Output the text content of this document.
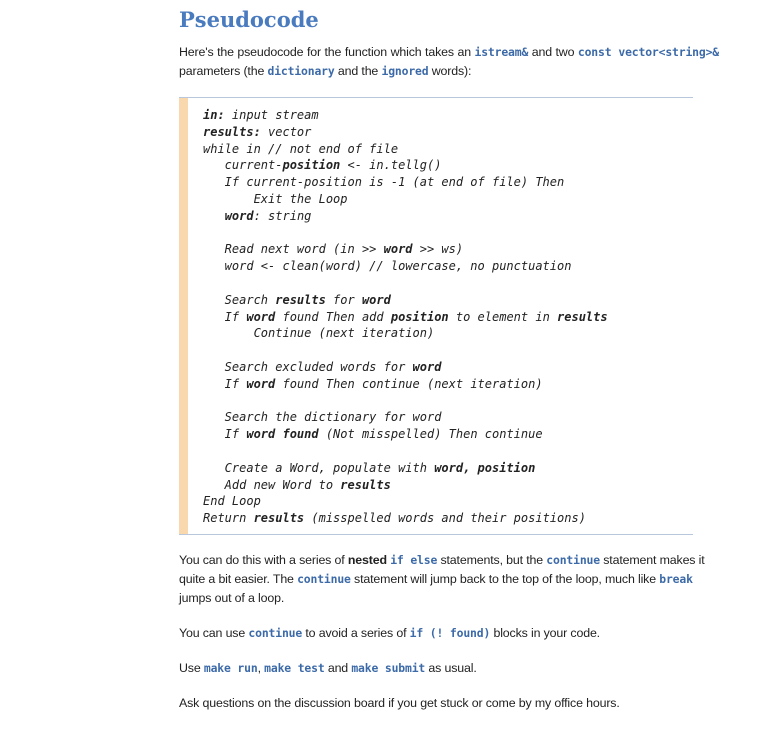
Pseudocode

Here's the pseudocode for the function which takes an istream& and two const vector<string>& parameters (the dictionary and the ignored words):

in: input stream
results: vector
while in // not end of file
current-position <- in.tellg()
If current-position is -1 (at end of file) Then
Exit the Loop
word: string

Read next word (in >> word >> ws)
word <- clean(word) // lowercase, no punctuation

Search results for word
If word found Then add position to element in results
Continue (next iteration)

Search excluded words for word
If word found Then continue (next iteration)

Search the dictionary for word
If word found (Not misspelled) Then continue

Create a Word, populate with word, position
Add new Word to results
End Loop
Return results (misspelled words and their positions)

You can do this with a series of nested if else statements, but the continue statement makes it quite a bit easier. The continue statement will jump back to the top of the loop, much like break jumps out of a loop.

You can use continue to avoid a series of if (! found) blocks in your code.

Use make run, make test and make submit as usual.

Ask questions on the discussion board if you get stuck or come by my office hours.
